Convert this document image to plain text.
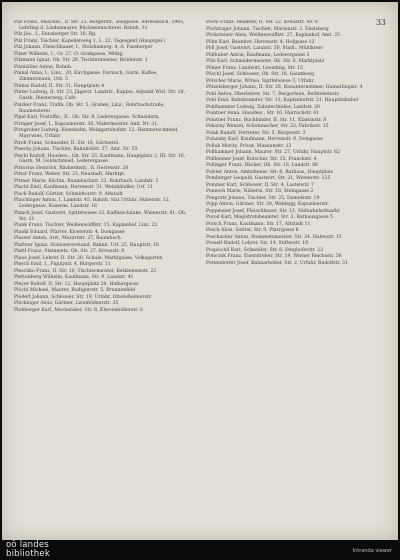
33
Pilz Franz, Maschin., II. Str. 23, Bürgerstr., Badgasse, Adressbuch. 1905, Lehrling d. Lindenmayer, Büchsenmacherei, Bahnh. 31
Pilz Jos., I., Ennsberger Str. 18, Bg.
Pilz Franz, Tischler, Kapellenweg 1, L. 22, Tagesgeld (Hauptgel.)
Pilz Johann, Fleischhauer, I., Stelzhamerg. 4, A. Fassberger
Pilzer Wilhelm, I., Gr. 27, O. Graßgasse, Mittig.
Pilzmann Ignaz, Ob. Str. 28, Tischlermeister, Brüderstr. 1
Pilzmüller Anton, Bahnh.
Pinkal Anna, I., Linz., 20, Kirchgasse, Dornach, Garni, Kaffee, Zimmermann, Urb. 5
Pinkas Rudolf, II. Str. 31, Hauptplatz 4
Pinter Ludwig, II. Str. 23, Jägerst. Landstr., Kaplan, Adjunkt Wisl. Str. 28, Gasth. Diesterweg, Cafe
Pinzker Franz, Trafik, Ob. Str. 5, Graben, Linz., Rohrbachstraße, Baumeisterei
Pipal Karl, Postoffiz., II., Ob. Str. 8, Lederergasse, Schneidern.
Piringer Josef, I., Kapuzinerstr. 30, Malermeister, Amt. Nr. 31.
Pirngruber Ludwig, Eisenbahn, Weingartshofstr. 12, Hammerschmied, Mayrwies, Urfahr
Pirolt Franz, Schneider, II. Str. 18, Gärtnerst.
Pisecky Johann, Tischler, Bahnhofstr. 37, Amt. Nr. 55
Pischl Rudolf, Hausbes., Ob. Str. 23, Kaufmann, Hauptplatz 2, III. Str. 16, Gasth. M. Goldschmied, Lederergasse
Pistorius Heinrich, Bäckermstr., II. Herrenstr. 20
Pitter Franz, Weber, Str. 23, Neustadt, Marktpl.
Pittner Marie, Köchin, Baumbachstr. 22, Rohrbach, Landstr. 5
Placht Emil, Kaufmann, Herrenstr. 31, Weinhändler, Urf. 21
Plack Rudolf, Gürtler, Schmidtorstr. 9, Altstadt
Plaichinger Anton, I. Landstr. 45, Bahnh. Sitz Urfahr, Huberstr. 12, Ledergasse, Kaserne, Landstr. 16
Planck Josef, Gastwirt, Spittelwiese 22, Kaffeeschänke, Wienerstr. 81, Ob. Str. 21
Plank Franz, Tischler, Weißenwolffstr. 15, Kaplanhof, Linz. 23
Plankl Eduard, Pfarrer, Klosterstr. 4, Domgasse
Plasser Anton, Arzt, Mozartstr. 27, Baumbach
Plattner Ignaz, Stationsvorstand, Bahnh. Urf. 25, Hauptstr. 18
Plattl Franz, Steinmetz, Ob. Str. 27, Kreuzstr. 8
Plaue Josef, Lehrer, II. Str. 20, Schule, Marktgasse, Volksgarten
Plesch Emil, I., Figulystr. 4, Bürgerstr. 11
Pleschko Franz, II. Str. 10, Tischlermeister, Bethlehemstr. 22
Plettenberg Wilhelm, Kaufmann, Str. 9, Landstr. 41
Pleyer Rudolf, II. Str. 12, Hauptplatz 29, Hafnergasse
Plöchl Michael, Maurer, Rudigierstr. 5, Brunnenfeld
Plöderl Johann, Schlosser, Str. 19, Urfahr, Ottensheimerstr.
Plöckinger Alois, Gärtner, Leonfeldnerstr. 35
Plohberger Karl, Mechaniker, Str. 8, Khevenhüllerstr. 6
Pöchl Franz, Beamter, II. Str. 22, Kreuzstr. Nr. 6
Pöchtrager Johann, Tischler, Marienstr. 2, Ebelsberg
Pöcksteiner Alois, Weißenwolffstr. 27, Kaplanhof, Amt. 25
Pöhn Karl, Beamter, Herrenstr. 4, Hofgasse 12
Pöll Josef, Gastwirt, Landstr. 30, Stadl., Mühlkreis
Pöllhuber Anton, Kaufmann, Lederergasse 3
Pölz Karl, Schneidermeister, Ob. Str. 6, Marktplatz
Pömer Franz, Landwirt, Leonding, Str. 15
Pöschl Josef, Schlosser, Ob. Str. 18, Gaumberg
Pötscher Marie, Witwe, Spittelwiese 3, Urfahr
Pötzelsberger Johann, II. Str. 28, Bauunternehmer, Hamerlingstr. 4
Pohl Anton, Oberlehrer, Str. 7, Bergschule, Bethlehemstr.
Pohl Emil, Bahnbeamter, Str. 13, Kaplanhofstr. 21, Hauptbahnhof
Pohlhammer Ludwig, Zahntechniker, Landstr. 20
Pointner Anna, Hausbes., Str. 16, Harrachstr. 41
Pointner Franz, Buchbinder, II. Str. 11, Klammstr. 8
Pokorny Wenzel, Schuhmacher, Str. 23, Fabrikstr. 15
Polak Rudolf, Vertreter, Str. 5, Bürgerstr. 3
Polansky Karl, Kaufmann, Herrenstr. 9, Domgasse
Pollak Moritz, Privat, Museumstr. 12
Pollhammer Johann, Maurer, Str. 27, Urfahr, Hauptstr. 62
Pollheimer Josef, Kutscher, Str. 15, Franckstr. 4
Pollinger Franz, Bäcker, Ob. Str. 10, Landstr. 88
Polster Anton, Amtsdiener, Str. 6, Rathaus, Hauptplatz
Pomberger Leopold, Gastwirt, Str. 21, Wienerstr. 135
Pommer Karl, Schlosser, II. Str. 4, Lastenstr. 7
Ponesch Marie, Näherin, Str. 18, Steingasse 2
Pongratz Johann, Tischler, Str. 25, Dametzstr. 19
Popp Anton, Gärtner, Str. 30, Waldegg, Kapuzinerstr.
Poppmeier Josef, Fleischhauer, Str. 12, Südbahnhofmarkt
Porod Karl, Magistratsbeamter, Str. 3, Rathausgasse 5
Porsch Franz, Kaufmann, Str. 17, Altstadt 11
Posch Alois, Sattler, Str. 9, Pfarrgasse 6
Poschacher Anton, Steinmetzmeister, Str. 24, Hafenstr. 15
Posselt Rudolf, Lehrer, Str. 14, Stifterstr. 10
Pospischil Karl, Schneider, Str. 8, Dinghoferstr. 22
Potocnik Franz, Eisendreher, Str. 19, Wiener Reichsstr. 56
Pottendorfer Josef, Bahnarbeiter, Str. 2, Urfahr, Rudolfstr. 31
oö landes
bibliothek	Intranda viewer
